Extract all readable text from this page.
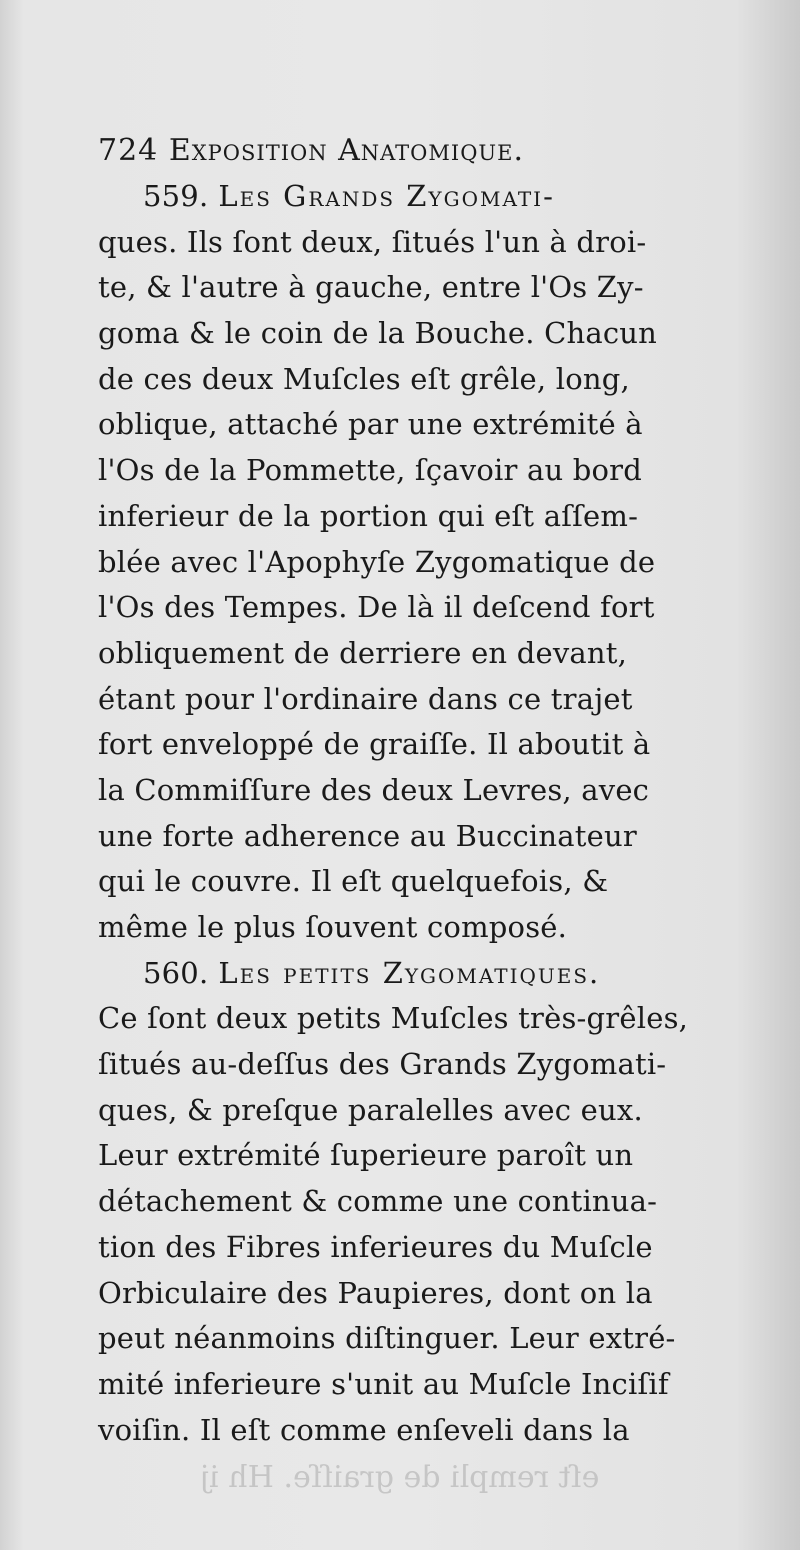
eſt rempli de graiſſe. Hh ij
724 Exposition Anatomique.
559. Les Grands Zygomati-
ques. Ils ſont deux, ſitués l'un à droi-
te, & l'autre à gauche, entre l'Os Zy-
goma & le coin de la Bouche. Chacun
de ces deux Muſcles eſt grêle, long,
oblique, attaché par une extrémité à
l'Os de la Pommette, ſçavoir au bord
inferieur de la portion qui eſt aſſem-
blée avec l'Apophyſe Zygomatique de
l'Os des Tempes. De là il deſcend fort
obliquement de derriere en devant,
étant pour l'ordinaire dans ce trajet
fort enveloppé de graiſſe. Il aboutit à
la Commiſſure des deux Levres, avec
une forte adherence au Buccinateur
qui le couvre. Il eſt quelquefois, &
même le plus ſouvent composé.
560. Les petits Zygomatiques.
Ce ſont deux petits Muſcles très-grêles,
ſitués au-deſſus des Grands Zygomati-
ques, & preſque paralelles avec eux.
Leur extrémité ſuperieure paroît un
détachement & comme une continua-
tion des Fibres inferieures du Muſcle
Orbiculaire des Paupieres, dont on la
peut néanmoins diſtinguer. Leur extré-
mité inferieure s'unit au Muſcle Inciſif
voiſin. Il eſt comme enſeveli dans la
